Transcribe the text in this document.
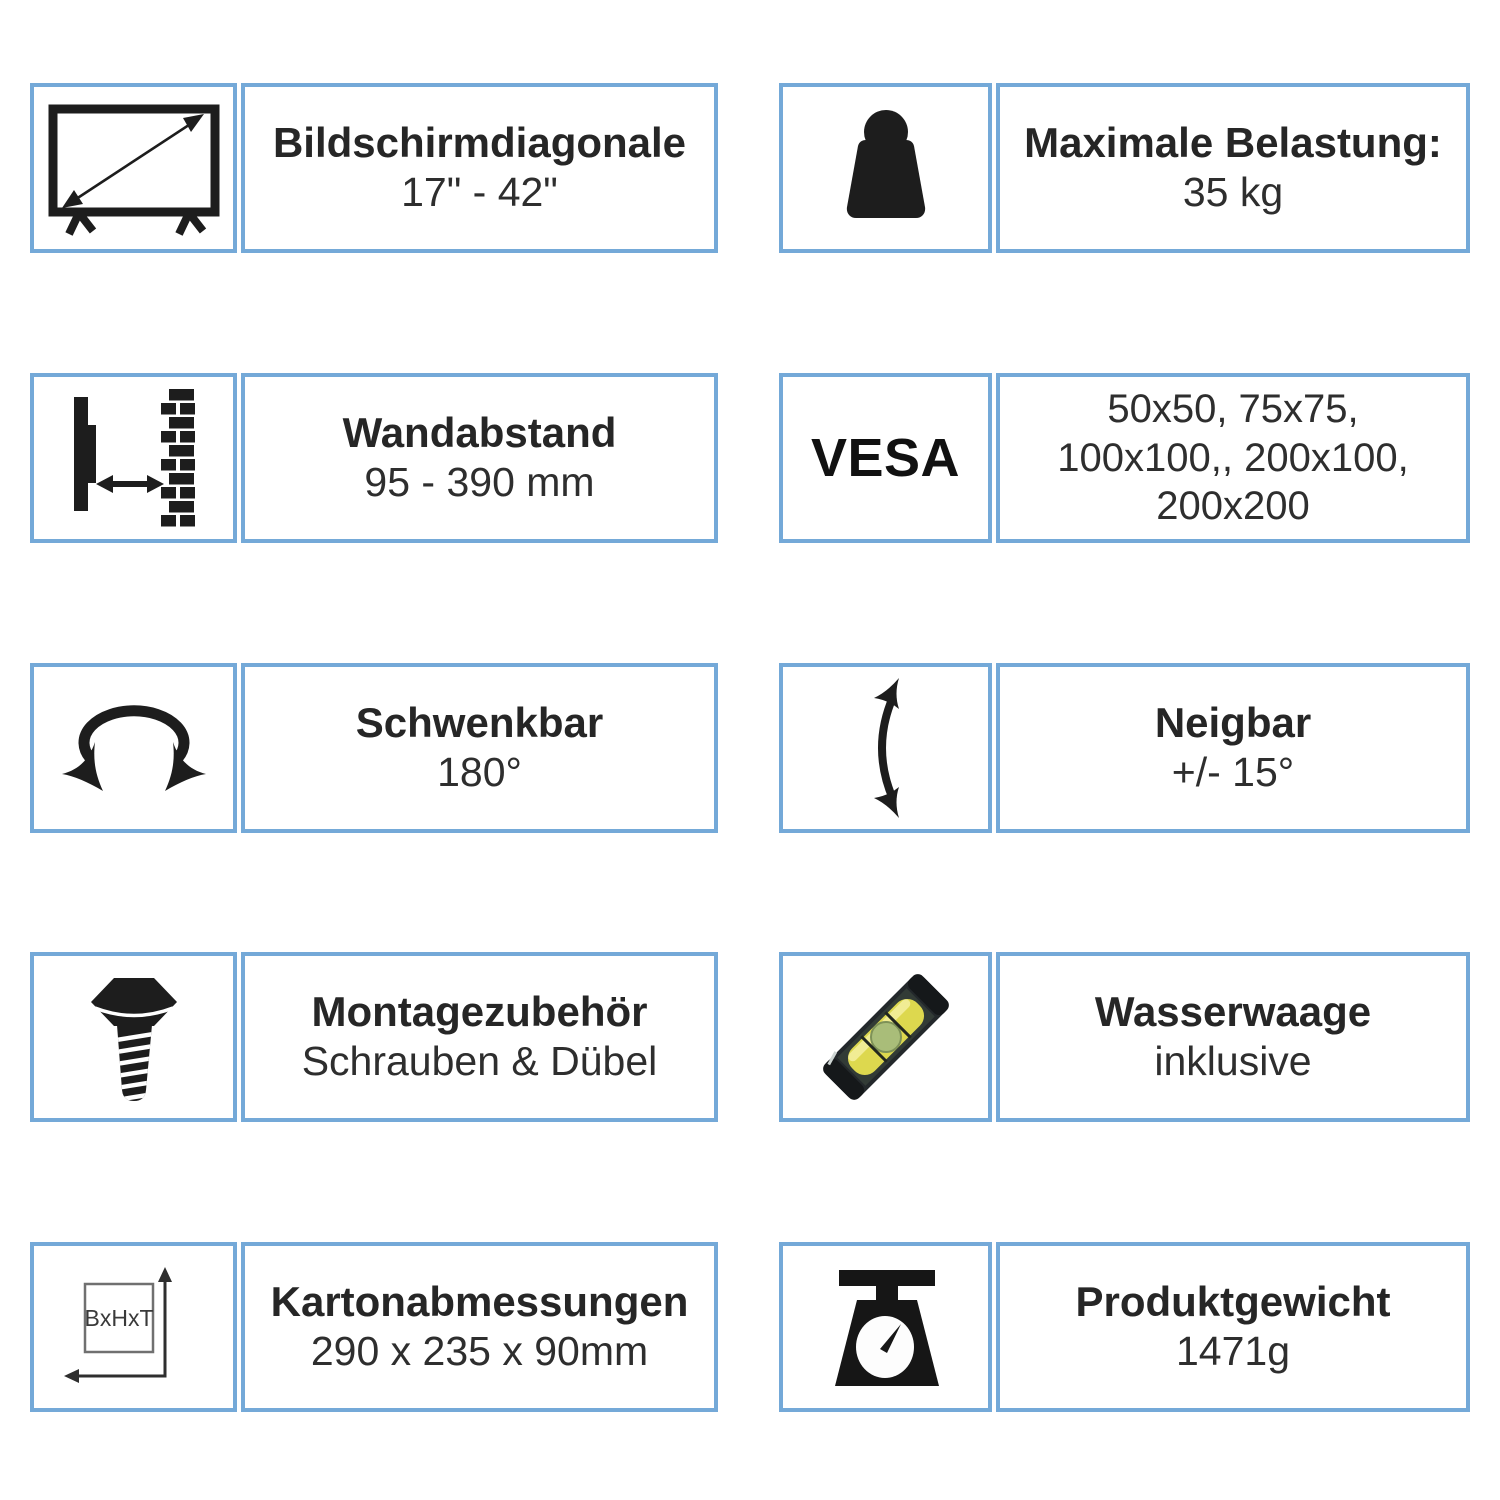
Bildschirmdiagonale
17" - 42"
Maximale Belastung:
35 kg
Wandabstand
95 - 390 mm	VESA
50x50, 75x75,
100x100,, 200x100,
200x200
Schwenkbar
180°
Neigbar
+/- 15°
Montagezubehör
Schrauben & Dübel
Wasserwaage
inklusive
BxHxT	Kartonabmessungen
290 x 235 x 90mm
Produktgewicht
1471g
